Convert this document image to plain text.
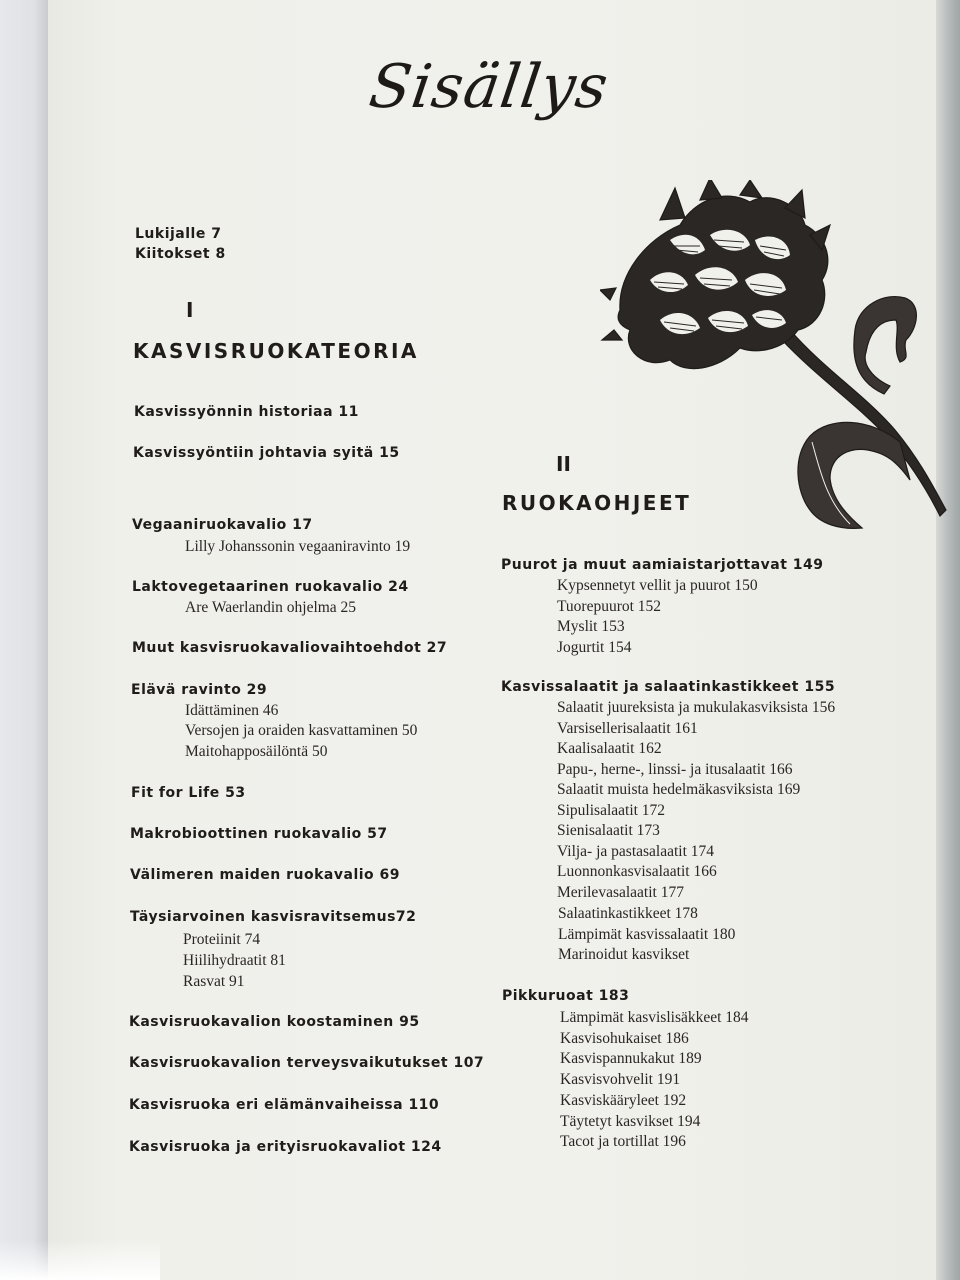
Sisällys
Lukijalle 7
Kiitokset 8
I
KASVISRUOKATEORIA
Kasvissyönnin historiaa 11
Kasvissyöntiin johtavia syitä 15
Vegaaniruokavalio 17
Lilly Johanssonin vegaaniravinto 19
Laktovegetaarinen ruokavalio 24
Are Waerlandin ohjelma 25
Muut kasvisruokavaliovaihtoehdot 27
Elävä ravinto 29
Idättäminen 46
Versojen ja oraiden kasvattaminen 50
Maitohapposäilöntä 50
Fit for Life 53
Makrobioottinen ruokavalio 57
Välimeren maiden ruokavalio 69
Täysiarvoinen kasvisravitsemus72
Proteiinit 74
Hiilihydraatit 81
Rasvat 91
Kasvisruokavalion koostaminen 95
Kasvisruokavalion terveysvaikutukset 107
Kasvisruoka eri elämänvaiheissa 110
Kasvisruoka ja erityisruokavaliot 124
II
RUOKAOHJEET
Puurot ja muut aamiaistarjottavat 149
Kypsennetyt vellit ja puurot 150
Tuorepuurot 152
Myslit 153
Jogurtit 154
Kasvissalaatit ja salaatinkastikkeet 155
Salaatit juureksista ja mukulakasviksista 156
Varsisellerisalaatit 161
Kaalisalaatit 162
Papu-, herne-, linssi- ja itusalaatit 166
Salaatit muista hedelmäkasviksista 169
Sipulisalaatit 172
Sienisalaatit 173
Vilja- ja pastasalaatit 174
Luonnonkasvisalaatit 166
Merilevasalaatit 177
Salaatinkastikkeet 178
Lämpimät kasvissalaatit 180
Marinoidut kasvikset
Pikkuruoat 183
Lämpimät kasvislisäkkeet 184
Kasvisohukaiset 186
Kasvispannukakut 189
Kasvisvohvelit 191
Kasviskääryleet 192
Täytetyt kasvikset 194
Tacot ja tortillat 196
